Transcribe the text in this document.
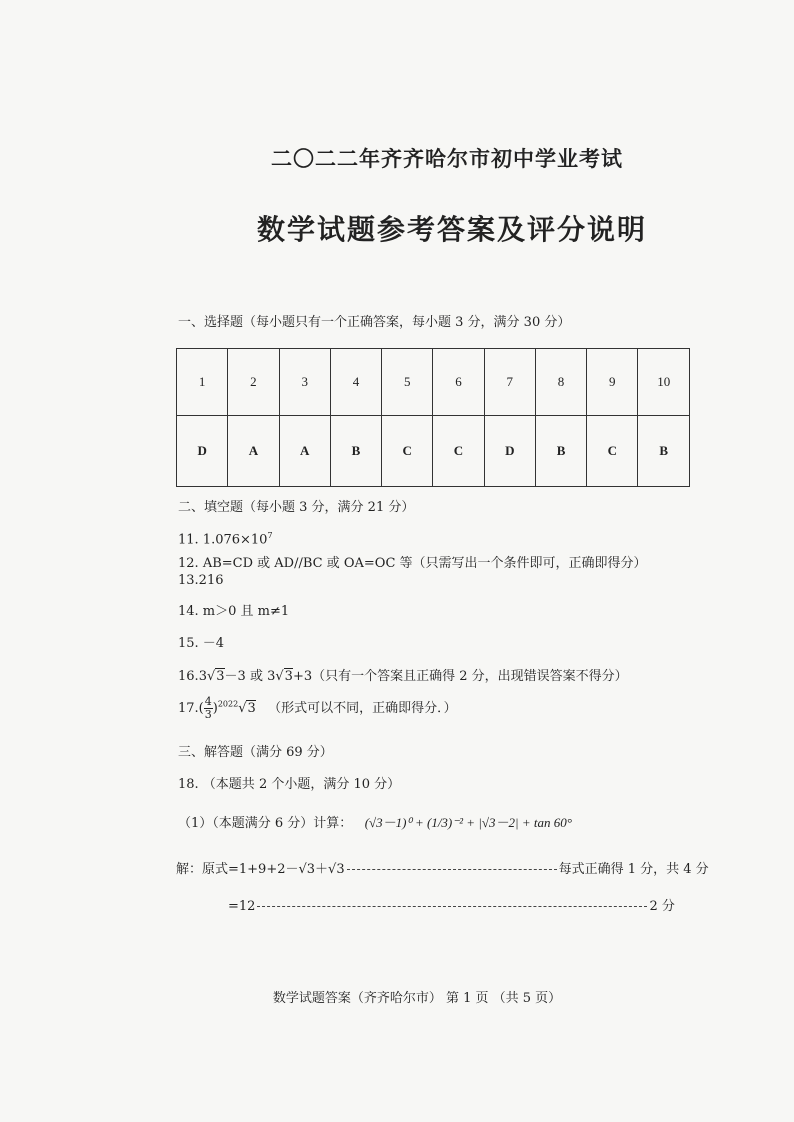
二〇二二年齐齐哈尔市初中学业考试
数学试题参考答案及评分说明
一、选择题（每小题只有一个正确答案，每小题 3 分，满分 30 分）
1	2	3	4	5	6	7	8	9	10
D	A	A	B	C	C	D	B	C	B
二、填空题（每小题 3 分，满分 21 分）
11. $1.076\times 10^7$
12. AB=CD 或 AD//BC 或 OA=OC 等（只需写出一个条件即可，正确即得分）
13.216
14. m＞0 且 m≠1
15. －4
16.3 √ 3－3 或 3 √ 3+3（只有一个答案且正确得 2 分，出现错误答案不得分）
$17.( \frac{4}{3} )^{2022}$ √ 3 （形式可以不同，正确即得分．）
三、解答题（满分 69 分）
18. （本题共 2 个小题，满分 10 分）
（1）（本题满分 6 分）计算： (√3－1)⁰ + (1/3)⁻² + |√3－2| + tan 60°
解：原式=1+9+2－√3＋√3	每式正确得 1 分，共 4 分
=12	2 分
数学试题答案（齐齐哈尔市） 第 1 页 （共 5 页）
